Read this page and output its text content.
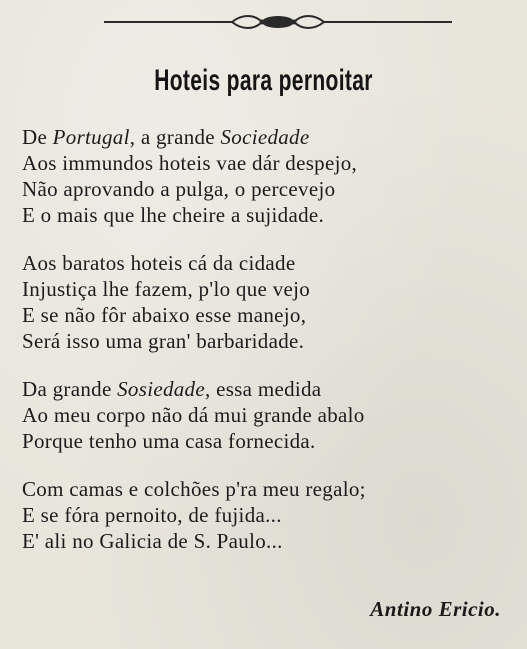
Hoteis para pernoitar
De Portugal, a grande Sociedade
Aos immundos hoteis vae dár despejo,
Não aprovando a pulga, o percevejo
E o mais que lhe cheire a sujidade.
Aos baratos hoteis cá da cidade
Injustiça lhe fazem, p'lo que vejo
E se não fôr abaixo esse manejo,
Será isso uma gran' barbaridade.
Da grande Sosiedade, essa medida
Ao meu corpo não dá mui grande abalo
Porque tenho uma casa fornecida.
Com camas e colchões p'ra meu regalo;
E se fóra pernoito, de fujida...
E' ali no Galicia de S. Paulo...
Antino Ericio.
